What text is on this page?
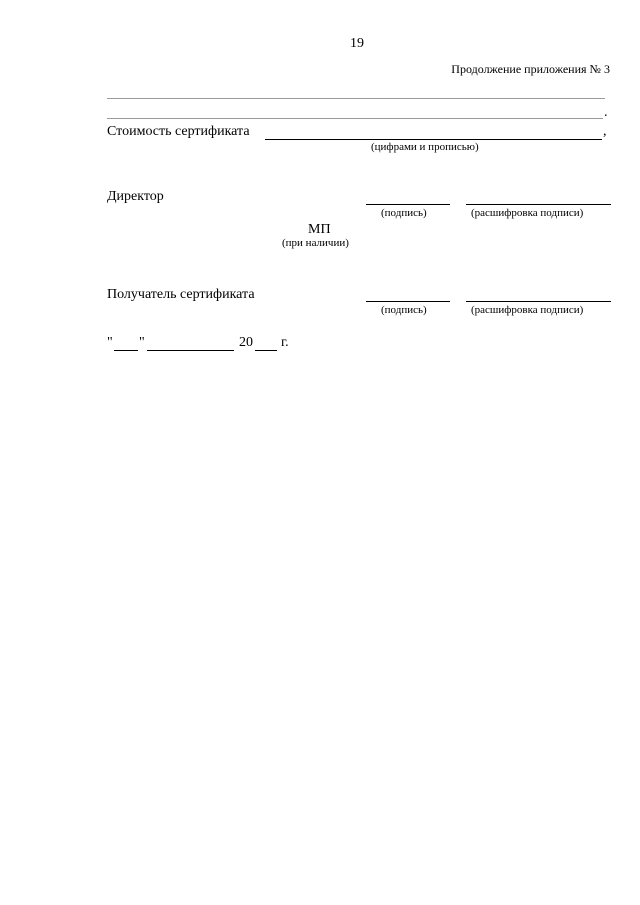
19
Продолжение приложения № 3
.
Стоимость сертификата	,
(цифрами и прописью)
Директор
(подпись)	(расшифровка подписи)
МП
(при наличии)
Получатель сертификата
(подпись)	(расшифровка подписи)
" "	20 г.
